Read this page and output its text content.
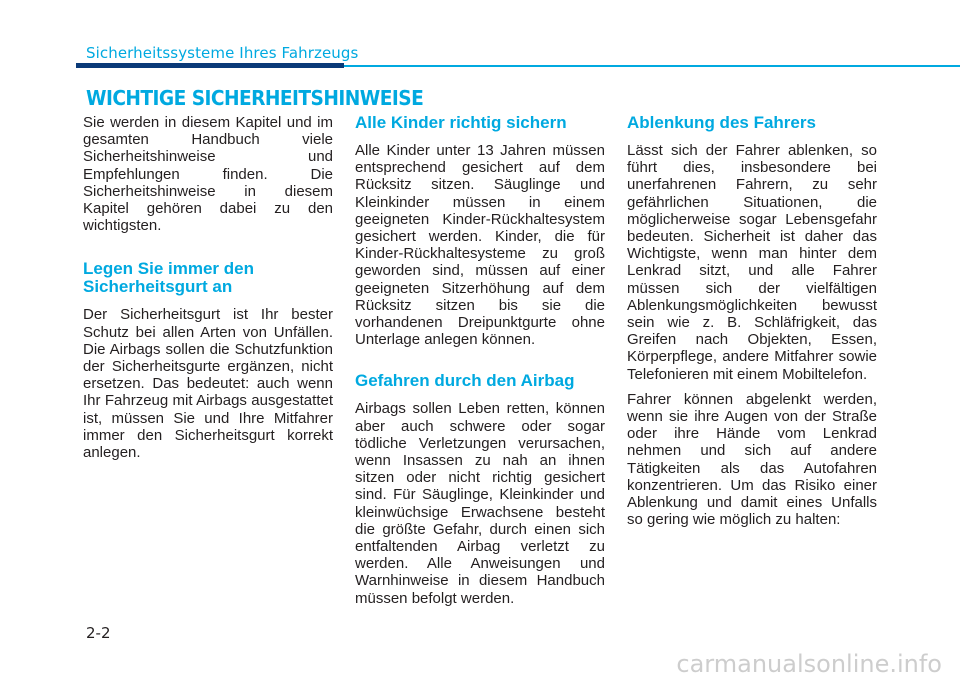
Sicherheitssysteme Ihres Fahrzeugs
WICHTIGE SICHERHEITSHINWEISE

Sie werden in diesem Kapitel und im gesamten Handbuch viele Sicherheitshinweise und Empfehlungen finden. Die Sicherheitshinweise in diesem Kapitel gehören dabei zu den wichtigsten.

Legen Sie immer den Sicherheitsgurt an

Der Sicherheitsgurt ist Ihr bester Schutz bei allen Arten von Unfällen. Die Airbags sollen die Schutzfunktion der Sicherheitsgurte ergänzen, nicht ersetzen. Das bedeutet: auch wenn Ihr Fahrzeug mit Airbags ausgestattet ist, müssen Sie und Ihre Mitfahrer immer den Sicherheitsgurt korrekt anlegen.

Alle Kinder richtig sichern

Alle Kinder unter 13 Jahren müssen entsprechend gesichert auf dem Rücksitz sitzen. Säuglinge und Kleinkinder müssen in einem geeigneten Kinder-Rückhaltesystem gesichert werden. Kinder, die für Kinder-Rückhaltesysteme zu groß geworden sind, müssen auf einer geeigneten Sitzerhöhung auf dem Rücksitz sitzen bis sie die vorhandenen Dreipunktgurte ohne Unterlage anlegen können.

Gefahren durch den Airbag

Airbags sollen Leben retten, können aber auch schwere oder sogar tödliche Verletzungen verursachen, wenn Insassen zu nah an ihnen sitzen oder nicht richtig gesichert sind. Für Säuglinge, Kleinkinder und kleinwüchsige Erwachsene besteht die größte Gefahr, durch einen sich entfaltenden Airbag verletzt zu werden. Alle Anweisungen und Warnhinweise in diesem Handbuch müssen befolgt werden.

Ablenkung des Fahrers

Lässt sich der Fahrer ablenken, so führt dies, insbesondere bei unerfahrenen Fahrern, zu sehr gefährlichen Situationen, die möglicherweise sogar Lebensgefahr bedeuten. Sicherheit ist daher das Wichtigste, wenn man hinter dem Lenkrad sitzt, und alle Fahrer müssen sich der vielfältigen Ablenkungsmöglichkeiten bewusst sein wie z. B. Schläfrigkeit, das Greifen nach Objekten, Essen, Körperpflege, andere Mitfahrer sowie Telefonieren mit einem Mobiltelefon.

Fahrer können abgelenkt werden, wenn sie ihre Augen von der Straße oder ihre Hände vom Lenkrad nehmen und sich auf andere Tätigkeiten als das Autofahren konzentrieren. Um das Risiko einer Ablenkung und damit eines Unfalls so gering wie möglich zu halten:

2-2
carmanualsonline.info
